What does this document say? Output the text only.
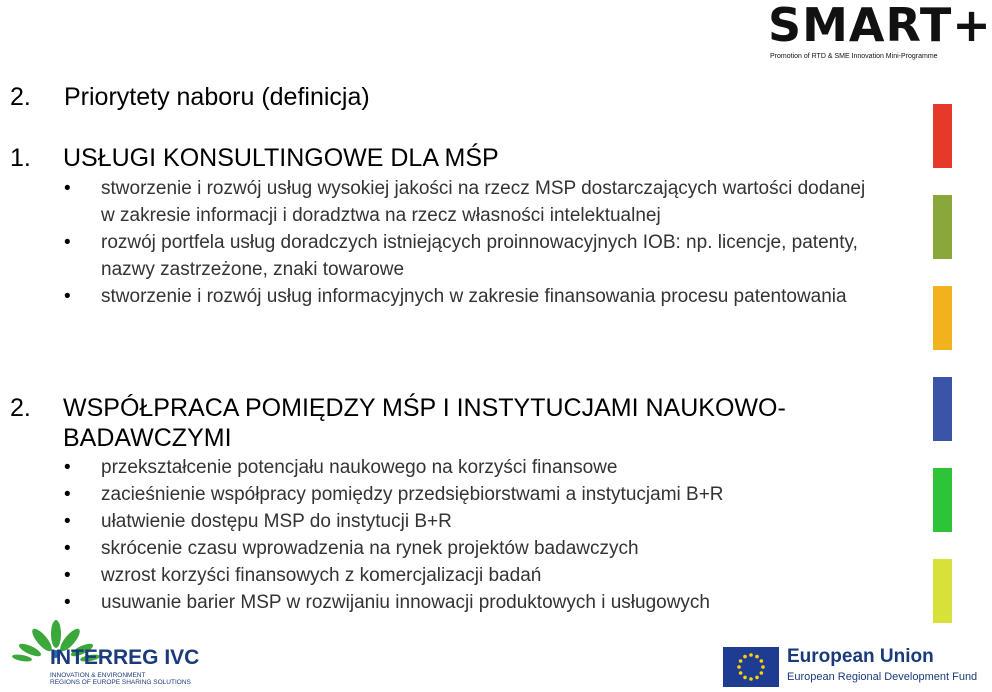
SMART+
Promotion of RTD & SME Innovation Mini-Programme
2. Priorytety naboru (definicja)
1. USŁUGI KONSULTINGOWE DLA MŚP
• stworzenie i rozwój usług wysokiej jakości na rzecz MSP dostarczających wartości dodanej w zakresie informacji i doradztwa na rzecz własności intelektualnej
• rozwój portfela usług doradczych istniejących proinnowacyjnych IOB: np. licencje, patenty, nazwy zastrzeżone, znaki towarowe
• stworzenie i rozwój usług informacyjnych w zakresie finansowania procesu patentowania
2. WSPÓŁPRACA POMIĘDZY MŚP I INSTYTUCJAMI NAUKOWO-
BADAWCZYMI
• przekształcenie potencjału naukowego na korzyści finansowe
• zacieśnienie współpracy pomiędzy przedsiębiorstwami a instytucjami B+R
• ułatwienie dostępu MSP do instytucji B+R
• skrócenie czasu wprowadzenia na rynek projektów badawczych
• wzrost korzyści finansowych z komercjalizacji badań
• usuwanie barier MSP w rozwijaniu innowacji produktowych i usługowych
INTERREG IVC
INNOVATION & ENVIRONMENT
REGIONS OF EUROPE SHARING SOLUTIONS
European Union
European Regional Development Fund
